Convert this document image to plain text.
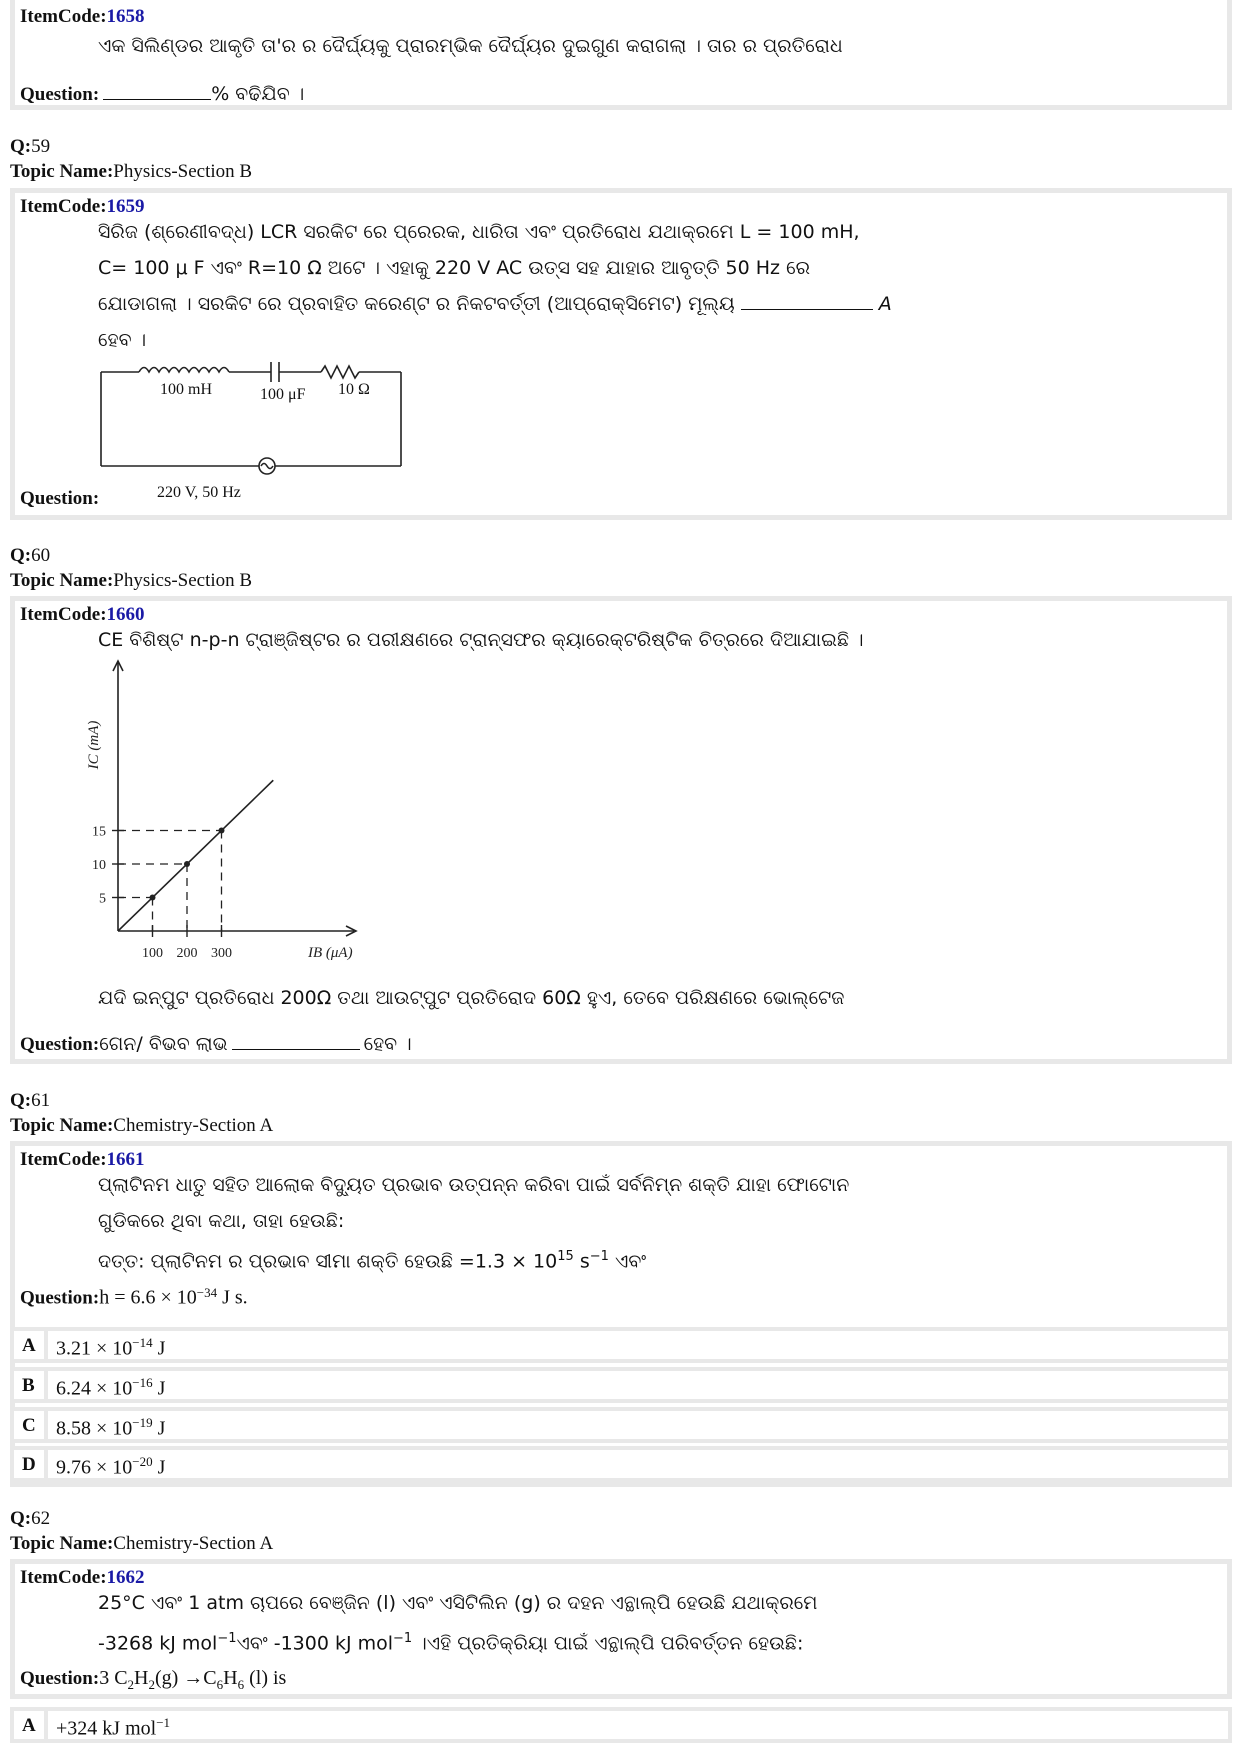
ItemCode:1658
ଏକ ସିଲିଣ୍ଡର ଆକୃତି ତା'ର ର ଦୈର୍ଘ୍ୟକୁ ପ୍ରାରମ୍ଭିକ ଦୈର୍ଘ୍ୟର ଦୁଇଗୁଣ କରାଗଲା । ତାର ର ପ୍ରତିରୋଧ
Question:	% ବଢିଯିବ ।
Q:59
Topic Name:Physics-Section B
ItemCode:1659
ସିରିଜ (ଶ୍ରେଣୀବଦ୍ଧ) LCR ସରକିଟ ରେ ପ୍ରେରକ, ଧାରିତା ଏବଂ ପ୍ରତିରୋଧ ଯଥାକ୍ରମେ L = 100 mH,
C= 100 μ F ଏବଂ R=10 Ω ଅଟେ । ଏହାକୁ 220 V AC ଉତ୍ସ ସହ ଯାହାର ଆବୃତ୍ତି 50 Hz ରେ
ଯୋଡାଗଲା । ସରକିଟ ରେ ପ୍ରବାହିତ କରେଣ୍ଟ ର ନିକଟବର୍ତ୍ତୀ (ଆପ୍ରୋକ୍ସିମେଟ) ମୂଲ୍ୟ	A
ହେବ ।
100 mH	100 μF 10 Ω
220 V, 50 Hz
Question:
Q:60
Topic Name:Physics-Section B
ItemCode:1660
CE ବିଶିଷ୍ଟ n-p-n ଟ୍ରାଞ୍ଜିଷ୍ଟର ର ପରୀକ୍ଷଣରେ ଟ୍ରାନ୍ସଫର କ୍ୟାରେକ୍ଟରିଷ୍ଟିକ ଚିତ୍ରରେ ଦିଆଯାଇଛି ।
5
100
10
200
15
300	IB (μA)
IC (mA)
ଯଦି ଇନ୍ପୁଟ ପ୍ରତିରୋଧ 200Ω ତଥା ଆଉଟ୍ପୁଟ ପ୍ରତିରୋଦ 60Ω ହୁଏ, ତେବେ ପରିକ୍ଷଣରେ ଭୋଲ୍ଟେଜ
Question:ଗେନ/ ବିଭବ ଲାଭ	ହେବ ।
Q:61
Topic Name:Chemistry-Section A
ItemCode:1661
ପ୍ଲାଟିନମ ଧାତୁ ସହିତ ଆଲୋକ ବିଦ୍ୟୁତ ପ୍ରଭାବ ଉତ୍ପନ୍ନ କରିବା ପାଇଁ ସର୍ବନିମ୍ନ ଶକ୍ତି ଯାହା ଫୋଟୋନ
ଗୁଡିକରେ ଥିବା କଥା, ତାହା ହେଉଛି:
ଦତ୍ତ: ପ୍ଲାଟିନମ ର ପ୍ରଭାବ ସୀମା ଶକ୍ତି ହେଉଛି $=1.3 \times 10^{15}$ $s^{-1}$ ଏବଂ
Question:h = $6.6 \times 10^{-34}$ J s.
A $3.21 \times 10^{-14}$ J
B $6.24 \times 10^{-16}$ J
C $8.58 \times 10^{-19}$ J
D $9.76 \times 10^{-20}$ J
Q:62
Topic Name:Chemistry-Section A
ItemCode:1662
25°C ଏବଂ 1 atm ଚାପରେ ବେଞ୍ଜିନ (l) ଏବଂ ଏସିଟିଲିନ (g) ର ଦହନ ଏନ୍ଥାଲ୍ପି ହେଉଛି ଯଥାକ୍ରମେ
-3268 kJ mol$^{-1}$ଏବଂ -1300 kJ mol$^{-1}$ ।ଏହି ପ୍ରତିକ୍ରିୟା ପାଇଁ ଏନ୍ଥାଲ୍ପି ପରିବର୍ତ୍ତନ ହେଉଛି:
Question:3 $C_2H_2(g) \to C_6H_6$ (l) is
A +324 kJ mol$^{-1}$
